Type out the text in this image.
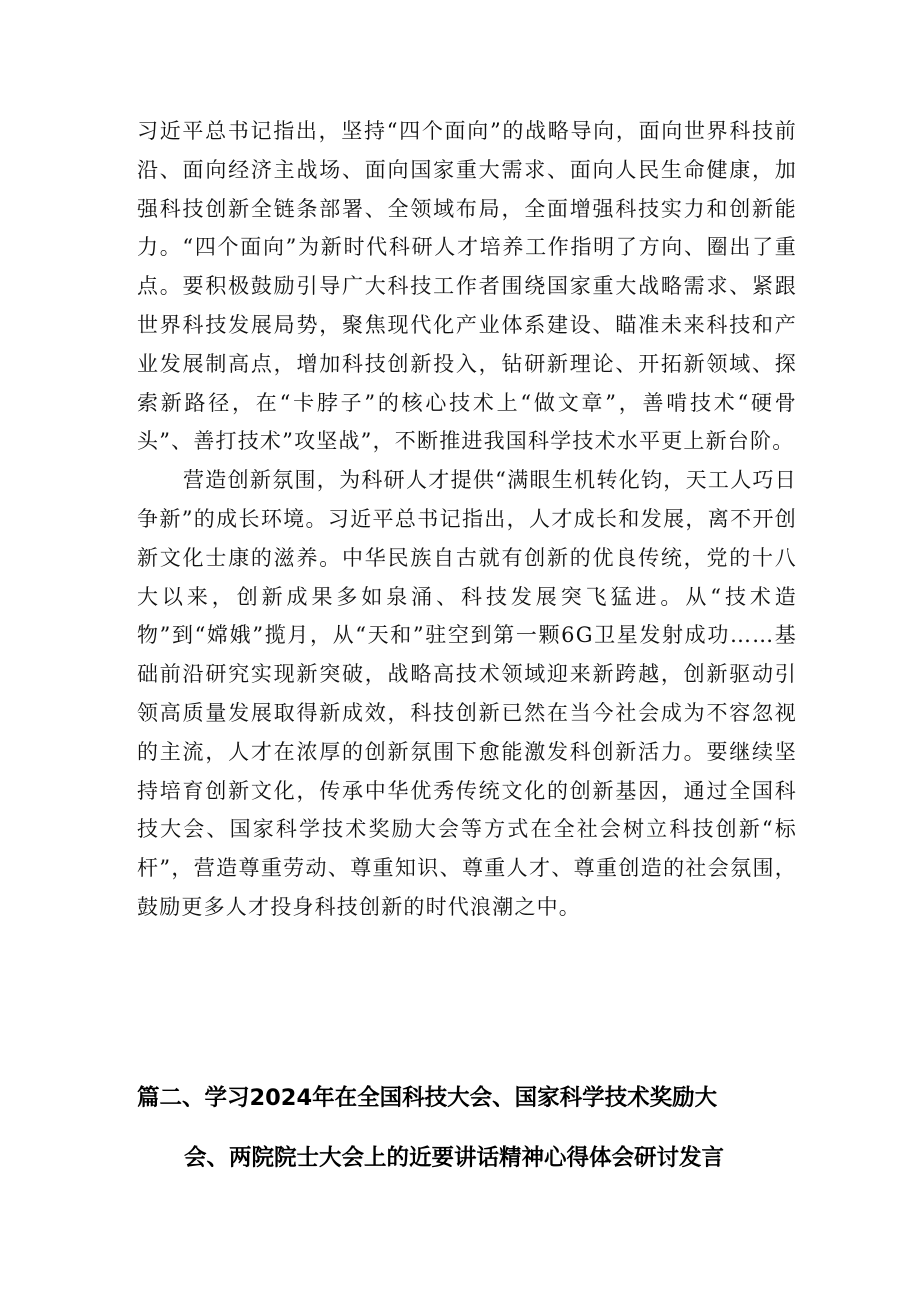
习近平总书记指出，坚持“四个面向”的战略导向，面向世界科技前沿、面向经济主战场、面向国家重大需求、面向人民生命健康，加强科技创新全链条部署、全领域布局，全面增强科技实力和创新能力。“四个面向”为新时代科研人才培养工作指明了方向、圈出了重点。要积极鼓励引导广大科技工作者围绕国家重大战略需求、紧跟世界科技发展局势，聚焦现代化产业体系建设、瞄准未来科技和产业发展制高点，增加科技创新投入，钻研新理论、开拓新领域、探索新路径，在“卡脖子”的核心技术上“做文章”，善啃技术“硬骨头”、善打技术”攻坚战”，不断推进我国科学技术水平更上新台阶。

营造创新氛围，为科研人才提供“满眼生机转化钧，天工人巧日争新”的成长环境。习近平总书记指出，人才成长和发展，离不开创新文化士康的滋养。中华民族自古就有创新的优良传统，党的十八大以来，创新成果多如泉涌、科技发展突飞猛进。从“技术造物”到“嫦娥”揽月，从“天和”驻空到第一颗6G卫星发射成功……基础前沿研究实现新突破，战略高技术领域迎来新跨越，创新驱动引领高质量发展取得新成效，科技创新已然在当今社会成为不容忽视的主流，人才在浓厚的创新氛围下愈能激发科创新活力。要继续坚持培育创新文化，传承中华优秀传统文化的创新基因，通过全国科技大会、国家科学技术奖励大会等方式在全社会树立科技创新“标杆”，营造尊重劳动、尊重知识、尊重人才、尊重创造的社会氛围，鼓励更多人才投身科技创新的时代浪潮之中。

篇二、学习2024年在全国科技大会、国家科学技术奖励大
会、两院院士大会上的近要讲话精神心得体会研讨发言
